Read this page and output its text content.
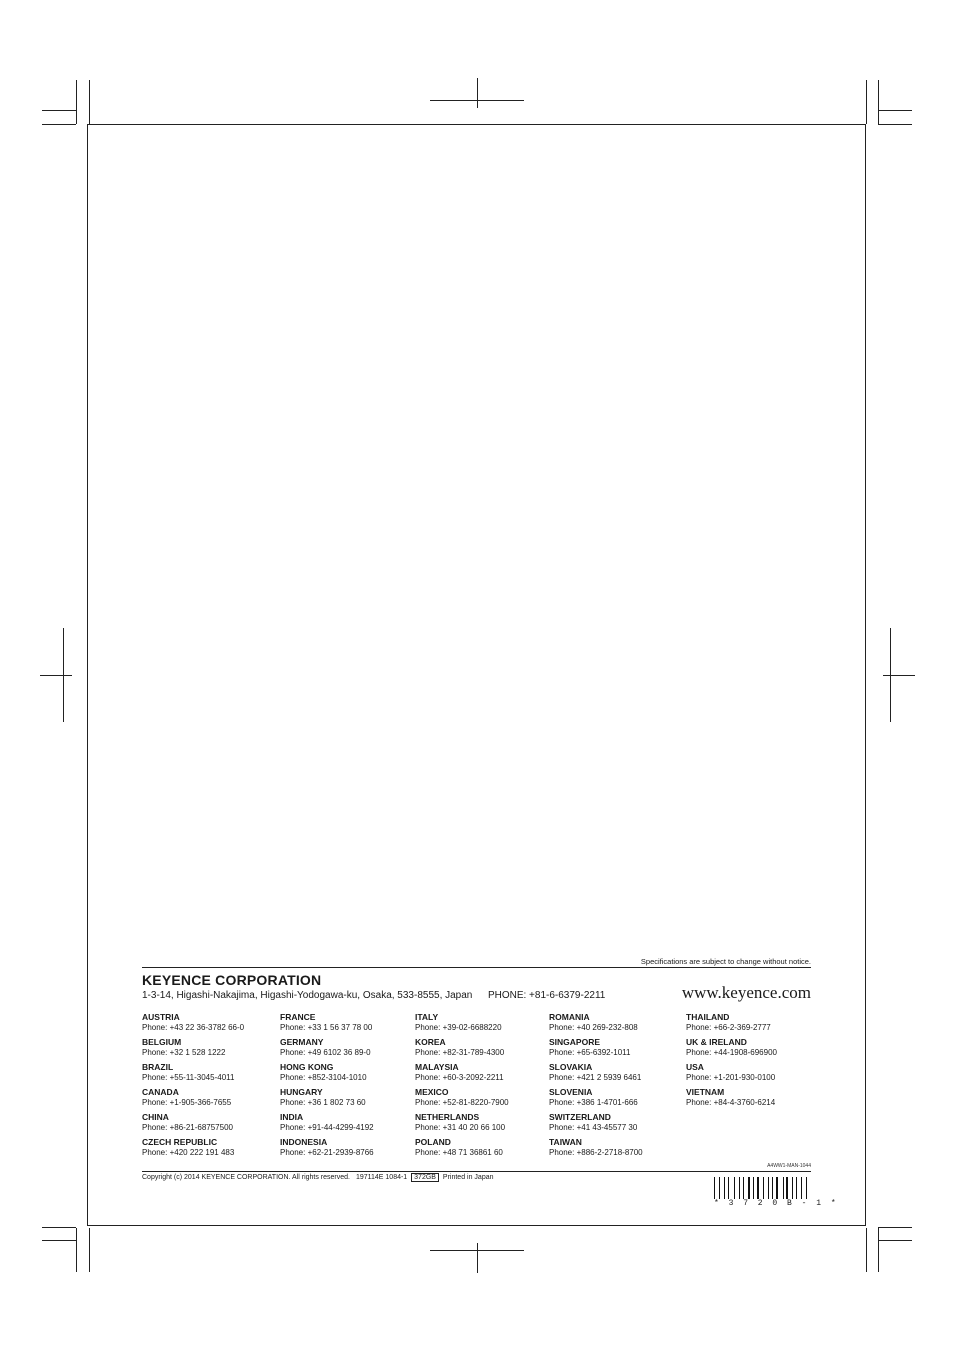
Specifications are subject to change without notice.
KEYENCE CORPORATION
1-3-14, Higashi-Nakajima, Higashi-Yodogawa-ku, Osaka, 533-8555, Japan PHONE: +81-6-6379-2211	www.keyence.com
AUSTRIA
Phone: +43 22 36-3782 66-0
BELGIUM
Phone: +32 1 528 1222
BRAZIL
Phone: +55-11-3045-4011
CANADA
Phone: +1-905-366-7655
CHINA
Phone: +86-21-68757500
CZECH REPUBLIC
Phone: +420 222 191 483
FRANCE
Phone: +33 1 56 37 78 00
GERMANY
Phone: +49 6102 36 89-0
HONG KONG
Phone: +852-3104-1010
HUNGARY
Phone: +36 1 802 73 60
INDIA
Phone: +91-44-4299-4192
INDONESIA
Phone: +62-21-2939-8766
ITALY
Phone: +39-02-6688220
KOREA
Phone: +82-31-789-4300
MALAYSIA
Phone: +60-3-2092-2211
MEXICO
Phone: +52-81-8220-7900
NETHERLANDS
Phone: +31 40 20 66 100
POLAND
Phone: +48 71 36861 60
ROMANIA
Phone: +40 269-232-808
SINGAPORE
Phone: +65-6392-1011
SLOVAKIA
Phone: +421 2 5939 6461
SLOVENIA
Phone: +386 1-4701-666
SWITZERLAND
Phone: +41 43-45577 30
TAIWAN
Phone: +886-2-2718-8700
THAILAND
Phone: +66-2-369-2777
UK & IRELAND
Phone: +44-1908-696900
USA
Phone: +1-201-930-0100
VIETNAM
Phone: +84-4-3760-6214
A4WW1-MAN-1044
Copyright (c) 2014 KEYENCE CORPORATION. All rights reserved. 197114E 1084-1 372GB Printed in Japan
* 3 7 2 0 B - 1 *
